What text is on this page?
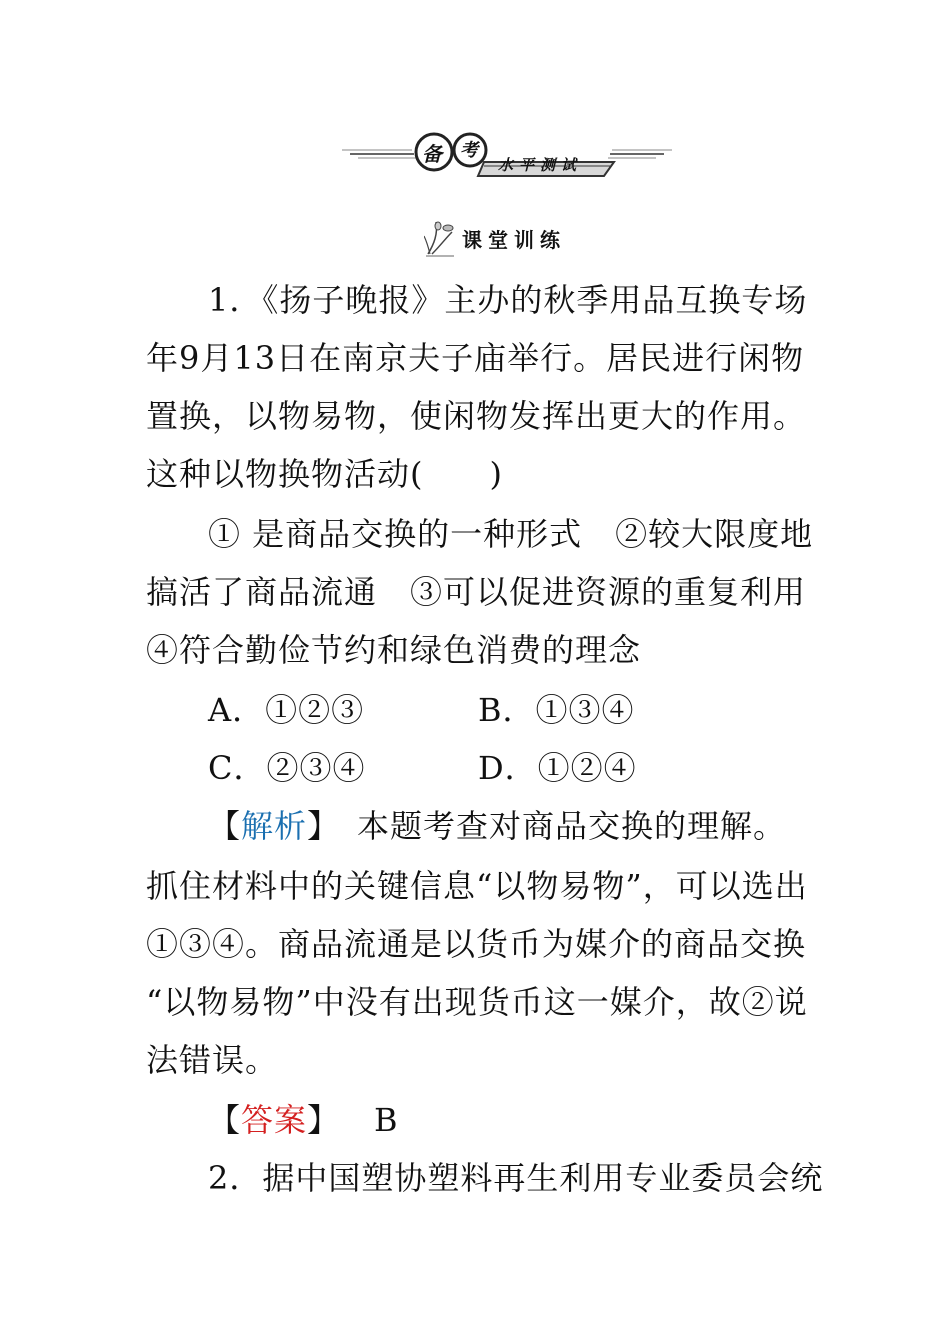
备 考
水平测试
课堂训练
1．《扬子晚报》主办的秋季用品互换专场
年9月13日在南京夫子庙举行。居民进行闲物
置换，以物易物，使闲物发挥出更大的作用。
这种以物换物活动(　　)
① 是商品交换的一种形式　②较大限度地
搞活了商品流通　③可以促进资源的重复利用
④符合勤俭节约和绿色消费的理念
A．①②③	B．①③④
C．②③④	D．①②④
【解析】　本题考查对商品交换的理解。
抓住材料中的关键信息“以物易物”，可以选出
①③④。商品流通是以货币为媒介的商品交换
“以物易物”中没有出现货币这一媒介，故②说
法错误。
【答案】 B
2．据中国塑协塑料再生利用专业委员会统
